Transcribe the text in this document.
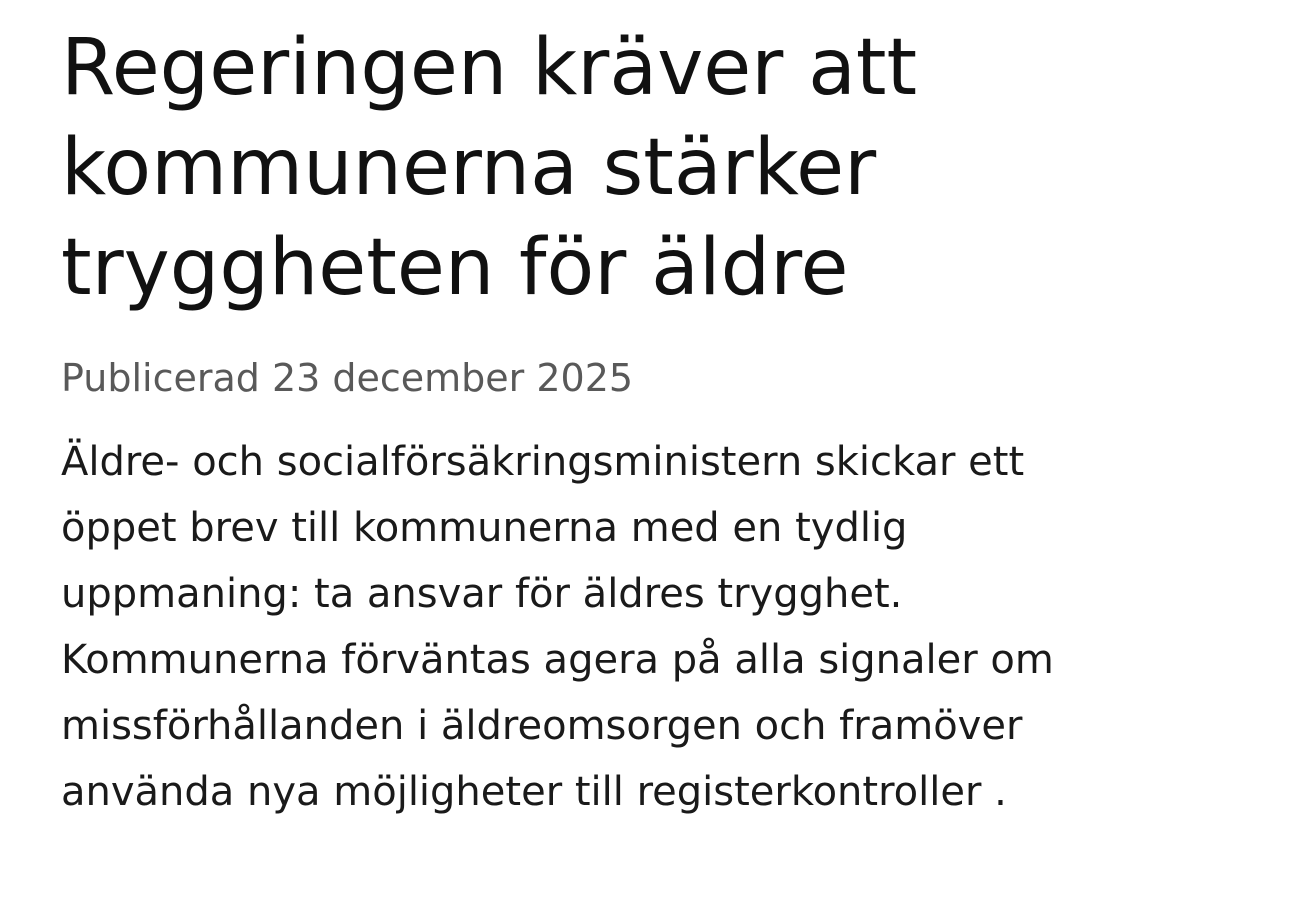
Regeringen kräver att
kommunerna stärker
tryggheten för äldre

Publicerad 23 december 2025

Äldre- och socialförsäkringsministern skickar ett
öppet brev till kommunerna med en tydlig
uppmaning: ta ansvar för äldres trygghet.
Kommunerna förväntas agera på alla signaler om
missförhållanden i äldreomsorgen och framöver
använda nya möjligheter till registerkontroller .
